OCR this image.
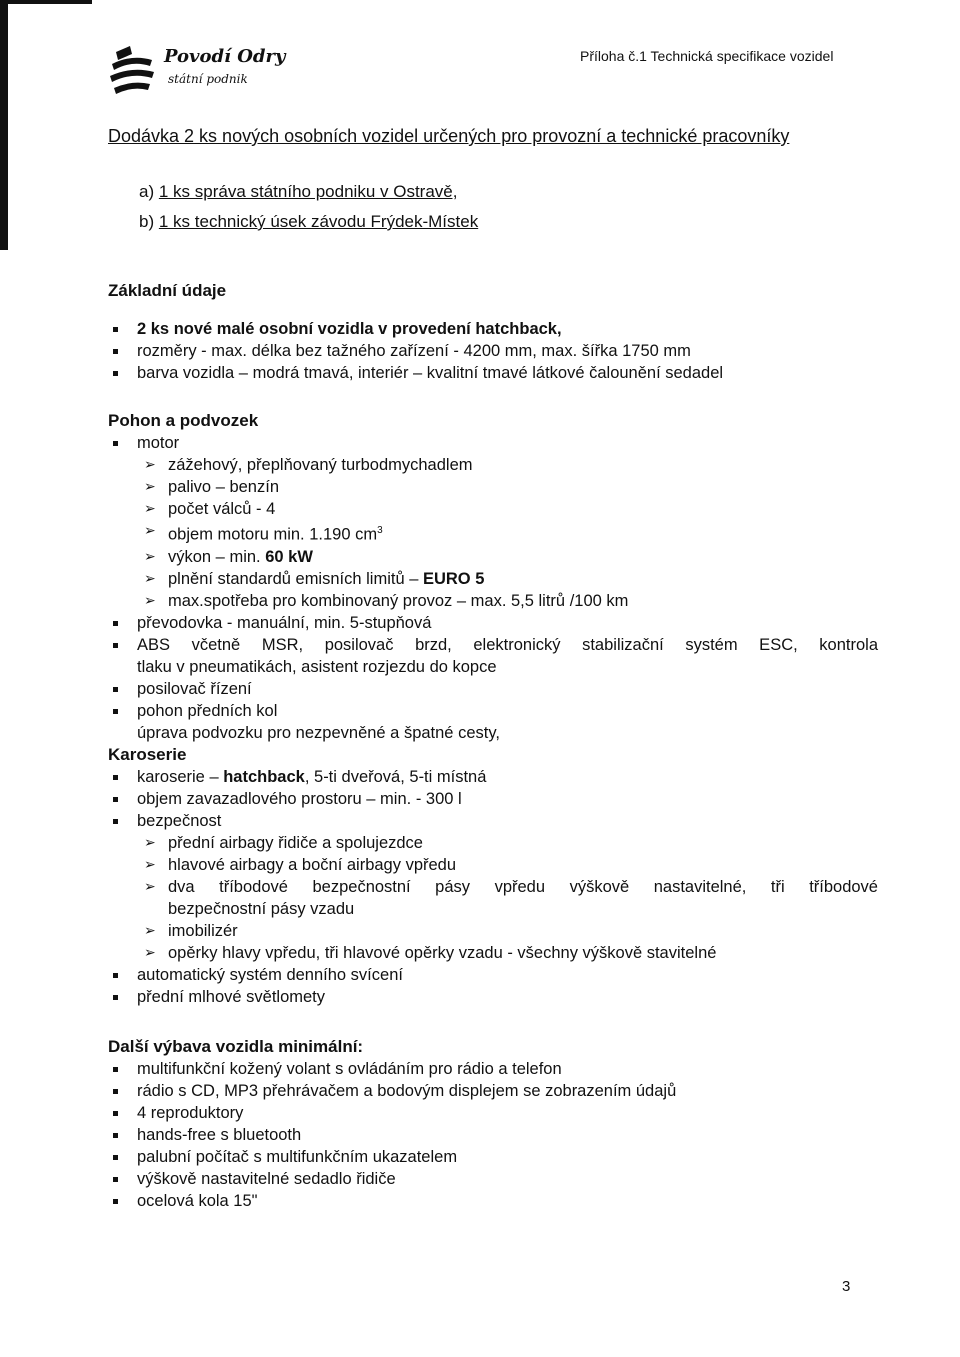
Povodí Odry
státní podnik
Příloha č.1 Technická specifikace vozidel
Dodávka 2 ks nových osobních vozidel určených pro provozní a technické pracovníky
a) 1 ks správa státního podniku v Ostravě,
b) 1 ks technický úsek závodu Frýdek-Místek
Základní údaje
2 ks nové malé osobní vozidla v provedení hatchback,
rozměry - max. délka bez tažného zařízení - 4200 mm, max. šířka 1750 mm
barva vozidla – modrá tmavá, interiér – kvalitní tmavé látkové čalounění sedadel
Pohon a podvozek
motor
➢ zážehový, přeplňovaný turbodmychadlem
➢ palivo – benzín
➢ počet válců - 4
➢ objem motoru min. 1.190 $cm^3$
➢ výkon – min. 60 kW
➢ plnění standardů emisních limitů – EURO 5
➢ max.spotřeba pro kombinovaný provoz – max. 5,5 litrů /100 km
převodovka - manuální, min. 5-stupňová
ABS včetně MSR, posilovač brzd, elektronický stabilizační systém ESC, kontrola
tlaku v pneumatikách, asistent rozjezdu do kopce
posilovač řízení
pohon předních kol
úprava podvozku pro nezpevněné a špatné cesty,
Karoserie
karoserie – hatchback, 5-ti dveřová, 5-ti místná
objem zavazadlového prostoru – min. - 300 l
bezpečnost
➢ přední airbagy řidiče a spolujezdce
➢ hlavové airbagy a boční airbagy vpředu
➢ dva tříbodové bezpečnostní pásy vpředu výškově nastavitelné, tři tříbodové
bezpečnostní pásy vzadu
➢ imobilizér
➢ opěrky hlavy vpředu, tři hlavové opěrky vzadu - všechny výškově stavitelné
automatický systém denního svícení
přední mlhové světlomety
Další výbava vozidla minimální:
multifunkční kožený volant s ovládáním pro rádio a telefon
rádio s CD, MP3 přehrávačem a bodovým displejem se zobrazením údajů
4 reproduktory
hands-free s bluetooth
palubní počítač s multifunkčním ukazatelem
výškově nastavitelné sedadlo řidiče
ocelová kola 15"
3
